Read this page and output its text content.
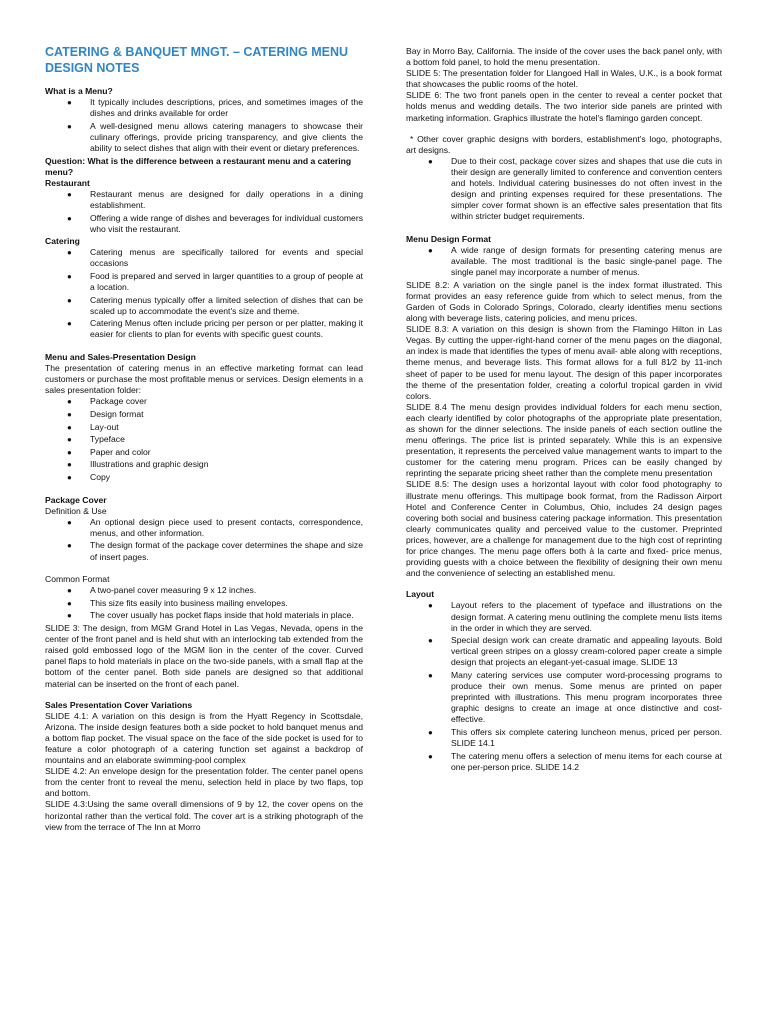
CATERING & BANQUET MNGT. – CATERING MENU DESIGN NOTES
What is a Menu?
● It typically includes descriptions, prices, and sometimes images of the dishes and drinks available for order
● A well-designed menu allows catering managers to showcase their culinary offerings, provide pricing transparency, and give clients the ability to select dishes that align with their event or dietary preferences.
Question: What is the difference between a restaurant menu and a catering menu?
Restaurant
● Restaurant menus are designed for daily operations in a dining establishment.
● Offering a wide range of dishes and beverages for individual customers who visit the restaurant.
Catering
● Catering menus are specifically tailored for events and special occasions
● Food is prepared and served in larger quantities to a group of people at a location.
● Catering menus typically offer a limited selection of dishes that can be scaled up to accommodate the event's size and theme.
● Catering Menus often include pricing per person or per platter, making it easier for clients to plan for events with specific guest counts.
Menu and Sales-Presentation Design
The presentation of catering menus in an effective marketing format can lead customers or purchase the most profitable menus or services. Design elements in a sales presentation folder:
● Package cover
● Design format
● Lay-out
● Typeface
● Paper and color
● Illustrations and graphic design
● Copy
Package Cover
Definition & Use
● An optional design piece used to present contacts, correspondence, menus, and other information.
● The design format of the package cover determines the shape and size of insert pages.
Common Format
● A two-panel cover measuring 9 x 12 inches.
● This size fits easily into business mailing envelopes.
● The cover usually has pocket flaps inside that hold materials in place.
SLIDE 3: The design, from MGM Grand Hotel in Las Vegas, Nevada, opens in the center of the front panel and is held shut with an interlocking tab extended from the raised gold embossed logo of the MGM lion in the center of the cover. Curved panel flaps to hold materials in place on the two-side panels, with a small flap at the bottom of the center panel. Both side panels are designed so that additional material can be inserted on the front of each panel.
Sales Presentation Cover Variations
SLIDE 4.1: A variation on this design is from the Hyatt Regency in Scottsdale, Arizona. The inside design features both a side pocket to hold banquet menus and a bottom flap pocket. The visual space on the face of the side pocket is used for to feature a color photograph of a catering function set against a backdrop of mountains and an elaborate swimming-pool complex
SLIDE 4.2: An envelope design for the presentation folder. The center panel opens from the center front to reveal the menu, selection held in place by two flaps, top and bottom.
SLIDE 4.3:Using the same overall dimensions of 9 by 12, the cover opens on the horizontal rather than the vertical fold. The cover art is a striking photograph of the view from the terrace of The Inn at Morro
Bay in Morro Bay, California. The inside of the cover uses the back panel only, with a bottom fold panel, to hold the menu presentation.
SLIDE 5: The presentation folder for Llangoed Hall in Wales, U.K., is a book format that showcases the public rooms of the hotel.
SLIDE 6: The two front panels open in the center to reveal a center pocket that holds menus and wedding details. The two interior side panels are printed with marketing information. Graphics illustrate the hotel's flamingo garden concept.
* Other cover graphic designs with borders, establishment's logo, photographs, art designs.
● Due to their cost, package cover sizes and shapes that use die cuts in their design are generally limited to conference and convention centers and hotels. Individual catering businesses do not often invest in the design and printing expenses required for these presentations. The simpler cover format shown is an effective sales presentation that fits within stricter budget requirements.
Menu Design Format
● A wide range of design formats for presenting catering menus are available. The most traditional is the basic single-panel page. The single panel may incorporate a number of menus.
SLIDE 8.2: A variation on the single panel is the index format illustrated. This format provides an easy reference guide from which to select menus, from the Garden of Gods in Colorado Springs, Colorado, clearly identifies menu sections along with beverage lists, catering policies, and menu prices.
SLIDE 8.3: A variation on this design is shown from the Flamingo Hilton in Las Vegas. By cutting the upper-right-hand corner of the menu pages on the diagonal, an index is made that identifies the types of menu avail- able along with receptions, theme menus, and beverage lists. This format allows for a full 81⁄2 by 11-inch sheet of paper to be used for menu layout. The design of this paper incorporates the theme of the presentation folder, creating a colorful tropical garden in vivid colors.
SLIDE 8.4 The menu design provides individual folders for each menu section, each clearly identified by color photographs of the appropriate plate presentation, as shown for the dinner selections. The inside panels of each section outline the menu offerings. The price list is printed separately. While this is an expensive presentation, it represents the perceived value management wants to impart to the customer for the catering menu program. Prices can be easily changed by reprinting the separate pricing sheet rather than the complete menu presentation
SLIDE 8.5: The design uses a horizontal layout with color food photography to illustrate menu offerings. This multipage book format, from the Radisson Airport Hotel and Conference Center in Columbus, Ohio, includes 24 design pages covering both social and business catering package information. This presentation clearly communicates quality and perceived value to the customer. Preprinted prices, however, are a challenge for management due to the high cost of reprinting for price changes. The menu page offers both à la carte and fixed- price menus, providing guests with a choice between the flexibility of designing their own menu and the convenience of selecting an established menu.
Layout
● Layout refers to the placement of typeface and illustrations on the design format. A catering menu outlining the complete menu lists items in the order in which they are served.
● Special design work can create dramatic and appealing layouts. Bold vertical green stripes on a glossy cream-colored paper create a simple design that projects an elegant-yet-casual image. SLIDE 13
● Many catering services use computer word-processing programs to produce their own menus. Some menus are printed on paper preprinted with illustrations. This menu program incorporates three graphic designs to create an image at once distinctive and cost-effective.
● This offers six complete catering luncheon menus, priced per person. SLIDE 14.1
● The catering menu offers a selection of menu items for each course at one per-person price. SLIDE 14.2
